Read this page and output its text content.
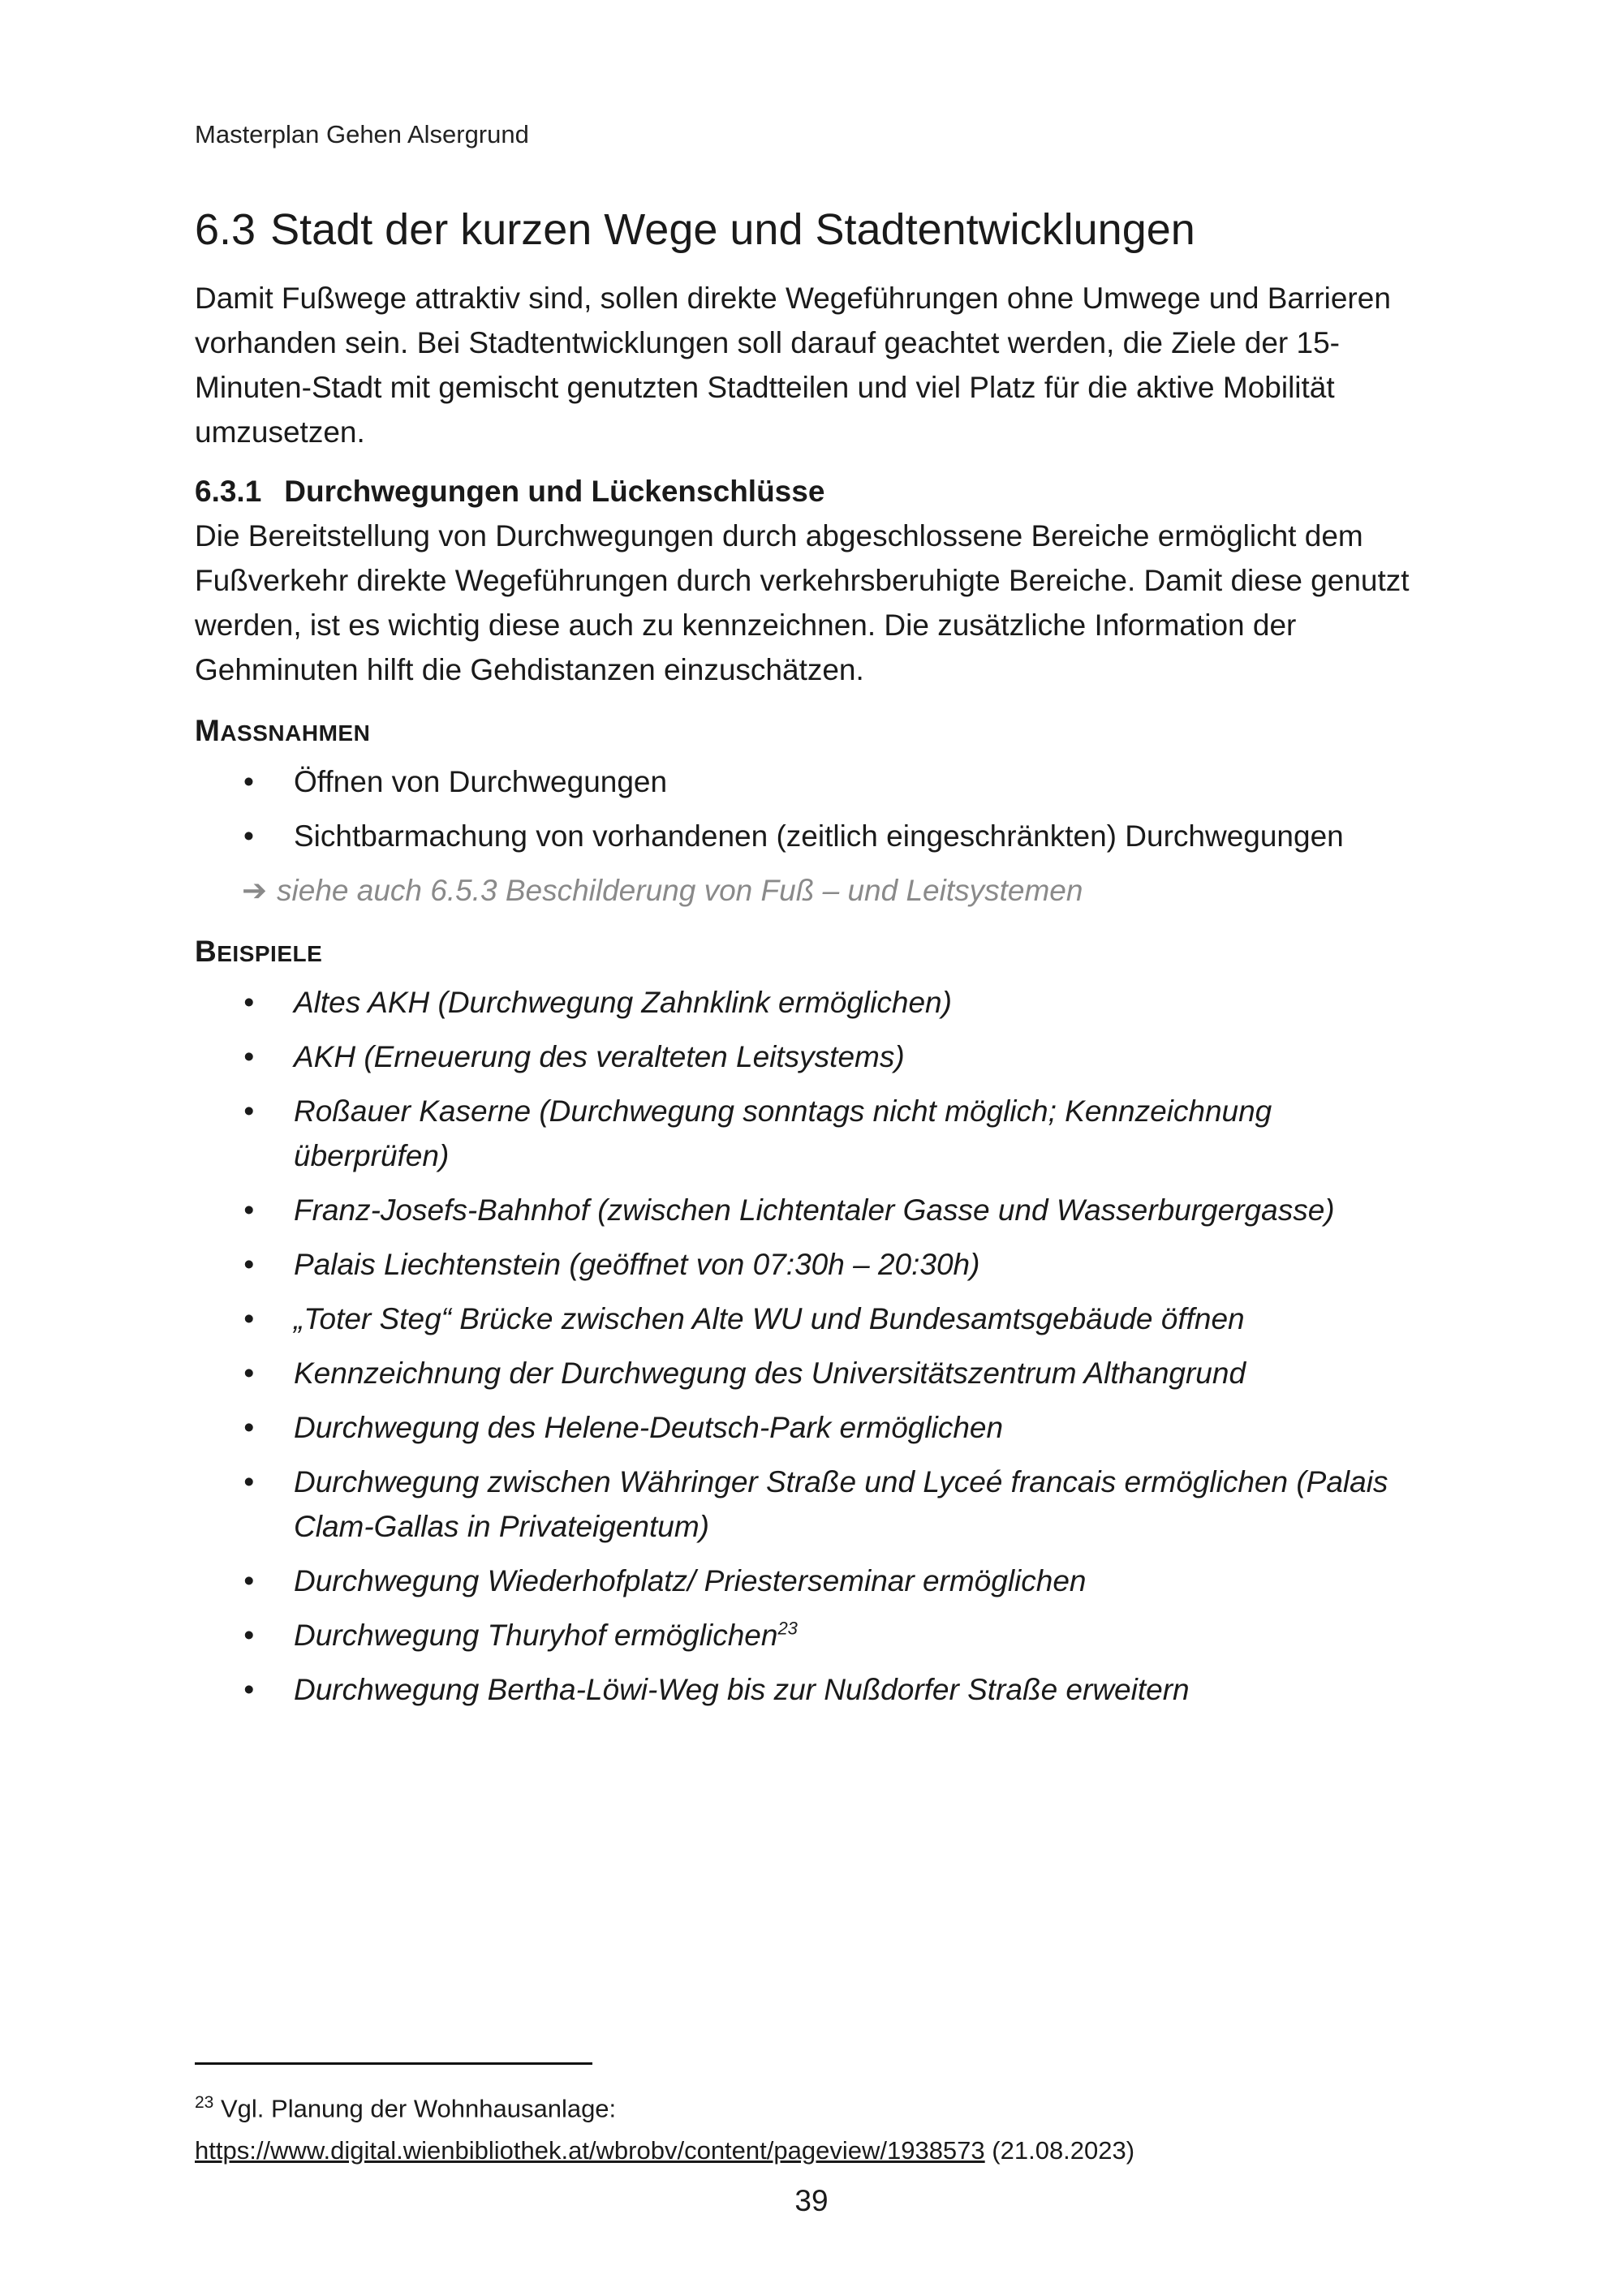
Masterplan Gehen Alsergrund
6.3 Stadt der kurzen Wege und Stadtentwicklungen

Damit Fußwege attraktiv sind, sollen direkte Wegeführungen ohne Umwege und Barrieren vorhanden sein. Bei Stadtentwicklungen soll darauf geachtet werden, die Ziele der 15-Minuten-Stadt mit gemischt genutzten Stadtteilen und viel Platz für die aktive Mobilität umzusetzen.

6.3.1 Durchwegungen und Lückenschlüsse

Die Bereitstellung von Durchwegungen durch abgeschlossene Bereiche ermöglicht dem Fußverkehr direkte Wegeführungen durch verkehrsberuhigte Bereiche. Damit diese genutzt werden, ist es wichtig diese auch zu kennzeichnen. Die zusätzliche Information der Gehminuten hilft die Gehdistanzen einzuschätzen.

MASSNAHMEN
• Öffnen von Durchwegungen
• Sichtbarmachung von vorhandenen (zeitlich eingeschränkten) Durchwegungen
➔ siehe auch 6.5.3 Beschilderung von Fuß – und Leitsystemen
BEISPIELE
• Altes AKH (Durchwegung Zahnklink ermöglichen)
• AKH (Erneuerung des veralteten Leitsystems)
• Roßauer Kaserne (Durchwegung sonntags nicht möglich; Kennzeichnung überprüfen)
• Franz-Josefs-Bahnhof (zwischen Lichtentaler Gasse und Wasserburgergasse)
• Palais Liechtenstein (geöffnet von 07:30h – 20:30h)
• „Toter Steg“ Brücke zwischen Alte WU und Bundesamtsgebäude öffnen
• Kennzeichnung der Durchwegung des Universitätszentrum Althangrund
• Durchwegung des Helene-Deutsch-Park ermöglichen
• Durchwegung zwischen Währinger Straße und Lyceé francais ermöglichen (Palais Clam-Gallas in Privateigentum)
• Durchwegung Wiederhofplatz/ Priesterseminar ermöglichen
• Durchwegung Thuryhof ermöglichen$^{23}$
• Durchwegung Bertha-Löwi-Weg bis zur Nußdorfer Straße erweitern
$^{23}$ Vgl. Planung der Wohnhausanlage:
https://www.digital.wienbibliothek.at/wbrobv/content/pageview/1938573 (21.08.2023)
39
